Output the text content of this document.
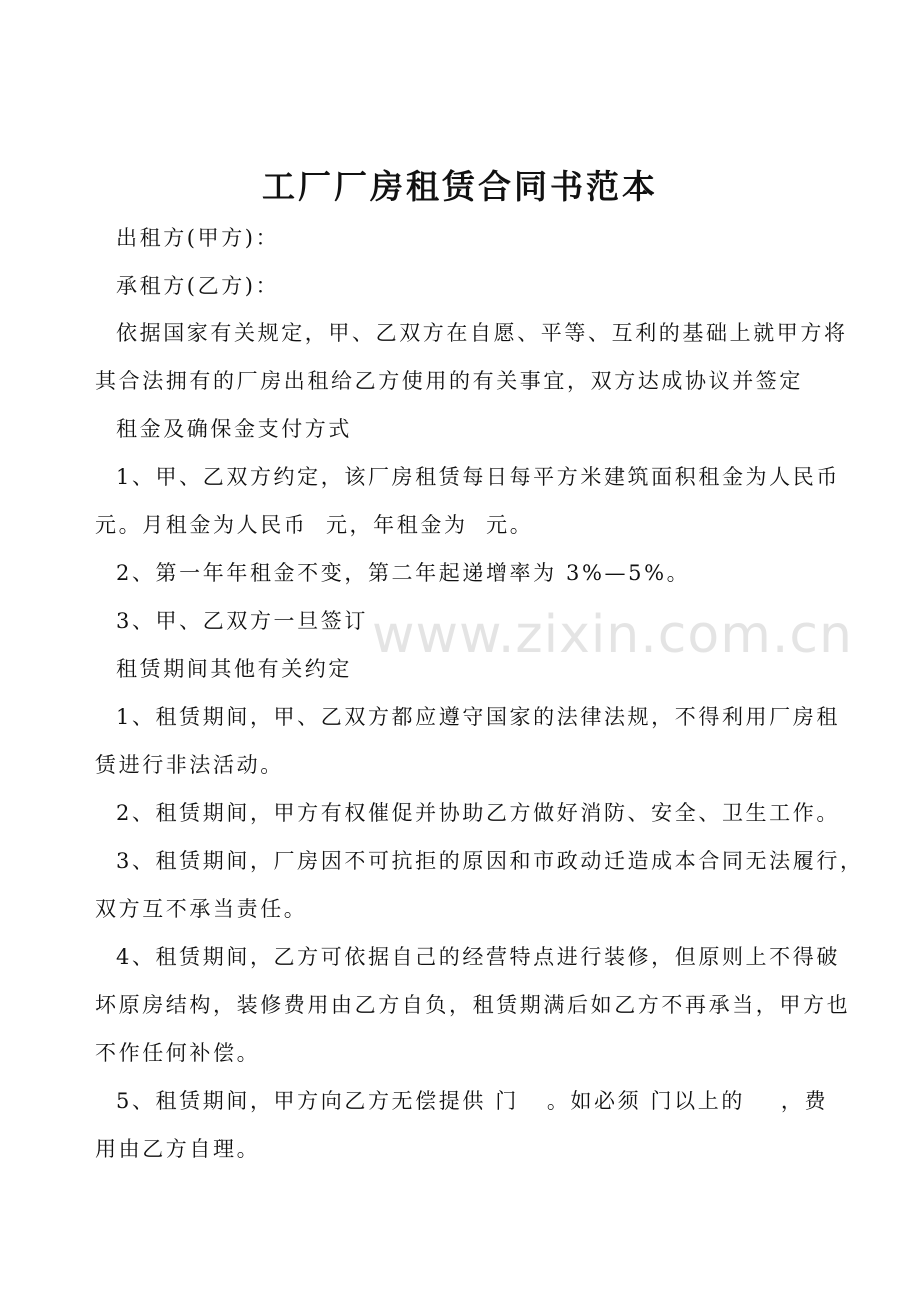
工厂厂房租赁合同书范本
出租方(甲方)：
承租方(乙方)：
依据国家有关规定，甲、乙双方在自愿、平等、互利的基础上就甲方将
其合法拥有的厂房出租给乙方使用的有关事宜，双方达成协议并签定
租金及确保金支付方式
1、甲、乙双方约定，该厂房租赁每日每平方米建筑面积租金为人民币
元。月租金为人民币  元，年租金为  元。
2、第一年年租金不变，第二年起递增率为 3%—5%。
3、甲、乙双方一旦签订
租赁期间其他有关约定
1、租赁期间，甲、乙双方都应遵守国家的法律法规，不得利用厂房租
赁进行非法活动。
2、租赁期间，甲方有权催促并协助乙方做好消防、安全、卫生工作。
3、租赁期间，厂房因不可抗拒的原因和市政动迁造成本合同无法履行，
双方互不承当责任。
4、租赁期间，乙方可依据自己的经营特点进行装修，但原则上不得破
坏原房结构，装修费用由乙方自负，租赁期满后如乙方不再承当，甲方也
不作任何补偿。
5、租赁期间，甲方向乙方无偿提供 门 。如必须 门以上的 ，费
用由乙方自理。
www.zixin.com.cn
